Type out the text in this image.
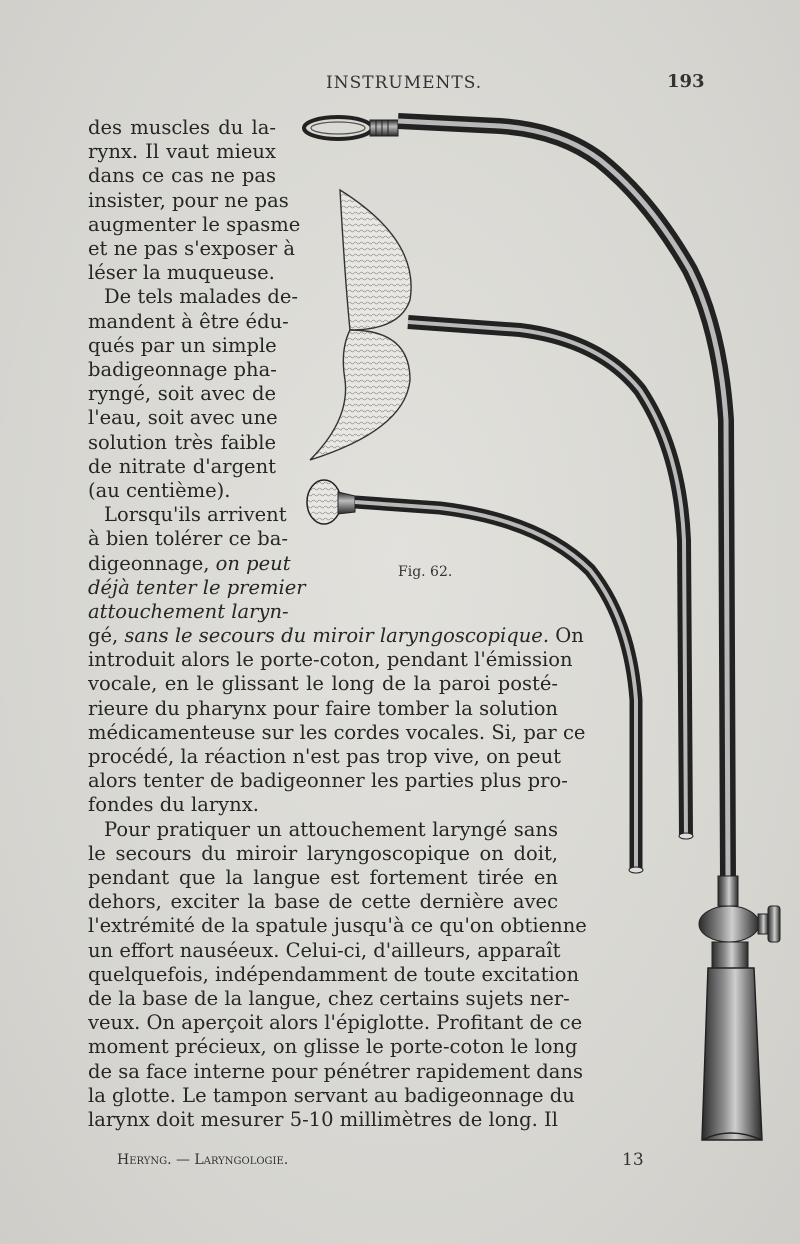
INSTRUMENTS.	193
des muscles du la-
rynx. Il vaut mieux
dans ce cas ne pas
insister, pour ne pas
augmenter le spasme
et ne pas s'exposer à
léser la muqueuse.
De tels malades de-
mandent à être édu-
qués par un simple
badigeonnage pha-
ryngé, soit avec de
l'eau, soit avec une
solution très faible
de nitrate d'argent
(au centième).
Lorsqu'ils arrivent
à bien tolérer ce ba-
digeonnage, on peut
déjà tenter le premier
attouchement laryn-
gé, sans le secours du miroir laryngoscopique. On
introduit alors le porte-coton, pendant l'émission
vocale, en le glissant le long de la paroi posté-
rieure du pharynx pour faire tomber la solution
médicamenteuse sur les cordes vocales. Si, par ce
procédé, la réaction n'est pas trop vive, on peut
alors tenter de badigeonner les parties plus pro-
fondes du larynx.
Pour pratiquer un attouchement laryngé sans
le secours du miroir laryngoscopique on doit,
pendant que la langue est fortement tirée en
dehors, exciter la base de cette dernière avec
l'extrémité de la spatule jusqu'à ce qu'on obtienne
un effort nauséeux. Celui-ci, d'ailleurs, apparaît
quelquefois, indépendamment de toute excitation
de la base de la langue, chez certains sujets ner-
veux. On aperçoit alors l'épiglotte. Profitant de ce
moment précieux, on glisse le porte-coton le long
de sa face interne pour pénétrer rapidement dans
la glotte. Le tampon servant au badigeonnage du
larynx doit mesurer 5-10 millimètres de long. Il
Fig. 62.
Heryng. — Laryngologie.	13
